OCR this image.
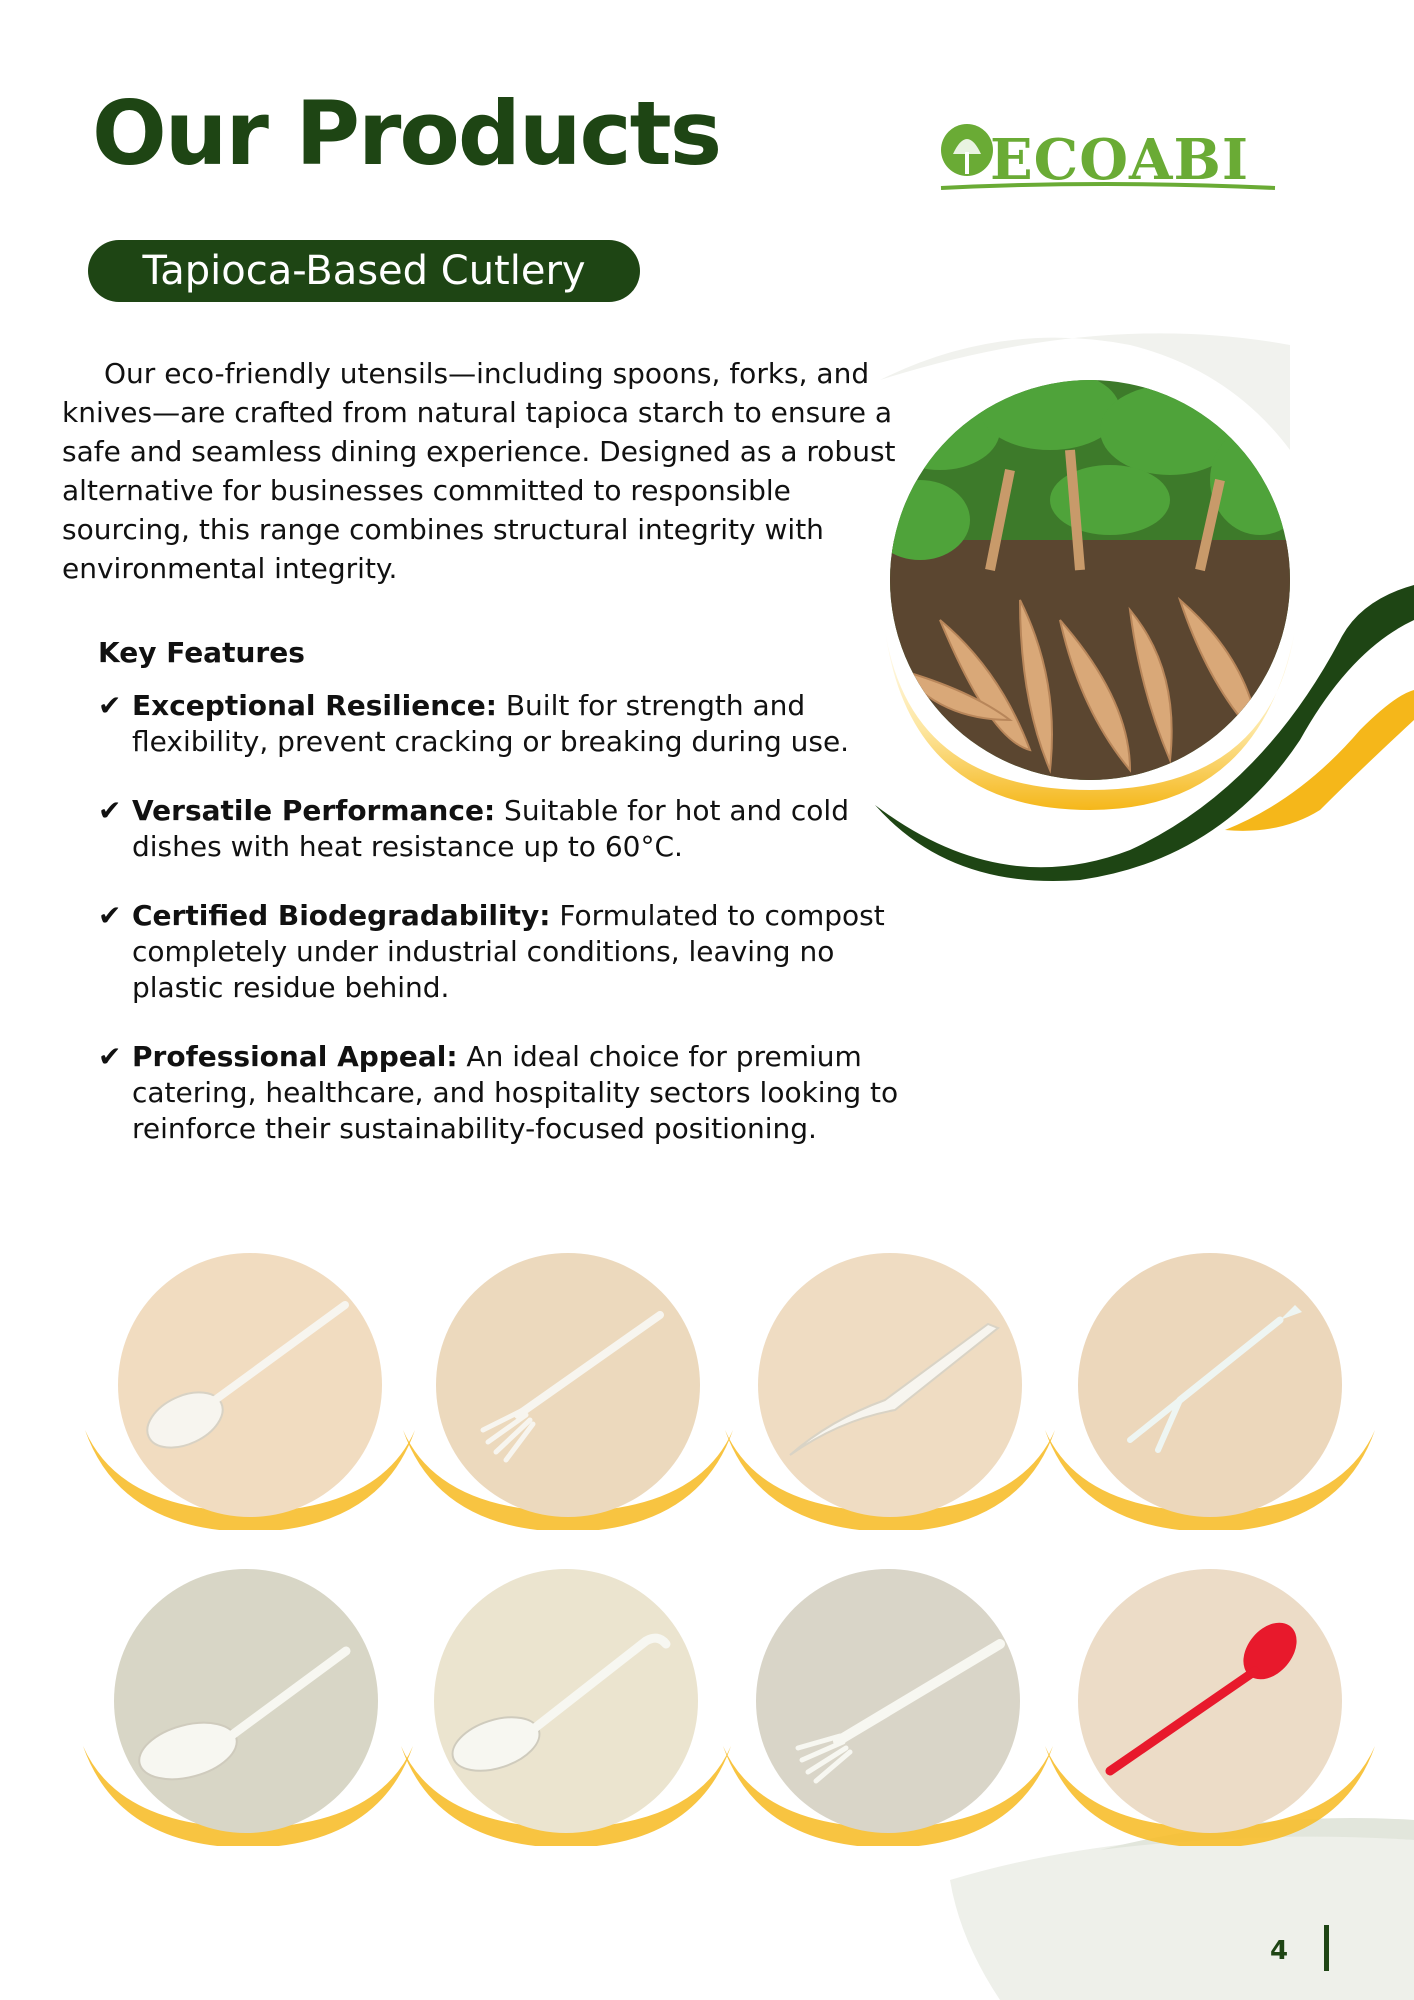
Our Products	ECOABI
Tapioca-Based Cutlery

Our eco-friendly utensils—including spoons, forks, and knives—are crafted from natural tapioca starch to ensure a safe and seamless dining experience. Designed as a robust alternative for businesses committed to responsible sourcing, this range combines structural integrity with environmental integrity.

Key Features
✔ Exceptional Resilience: Built for strength and
flexibility, prevent cracking or breaking during use.
✔ Versatile Performance: Suitable for hot and cold
dishes with heat resistance up to 60°C.
✔ Certified Biodegradability: Formulated to compost
completely under industrial conditions, leaving no plastic residue behind.
✔ Professional Appeal: An ideal choice for premium
catering, healthcare, and hospitality sectors looking to reinforce their sustainability-focused positioning.
4
